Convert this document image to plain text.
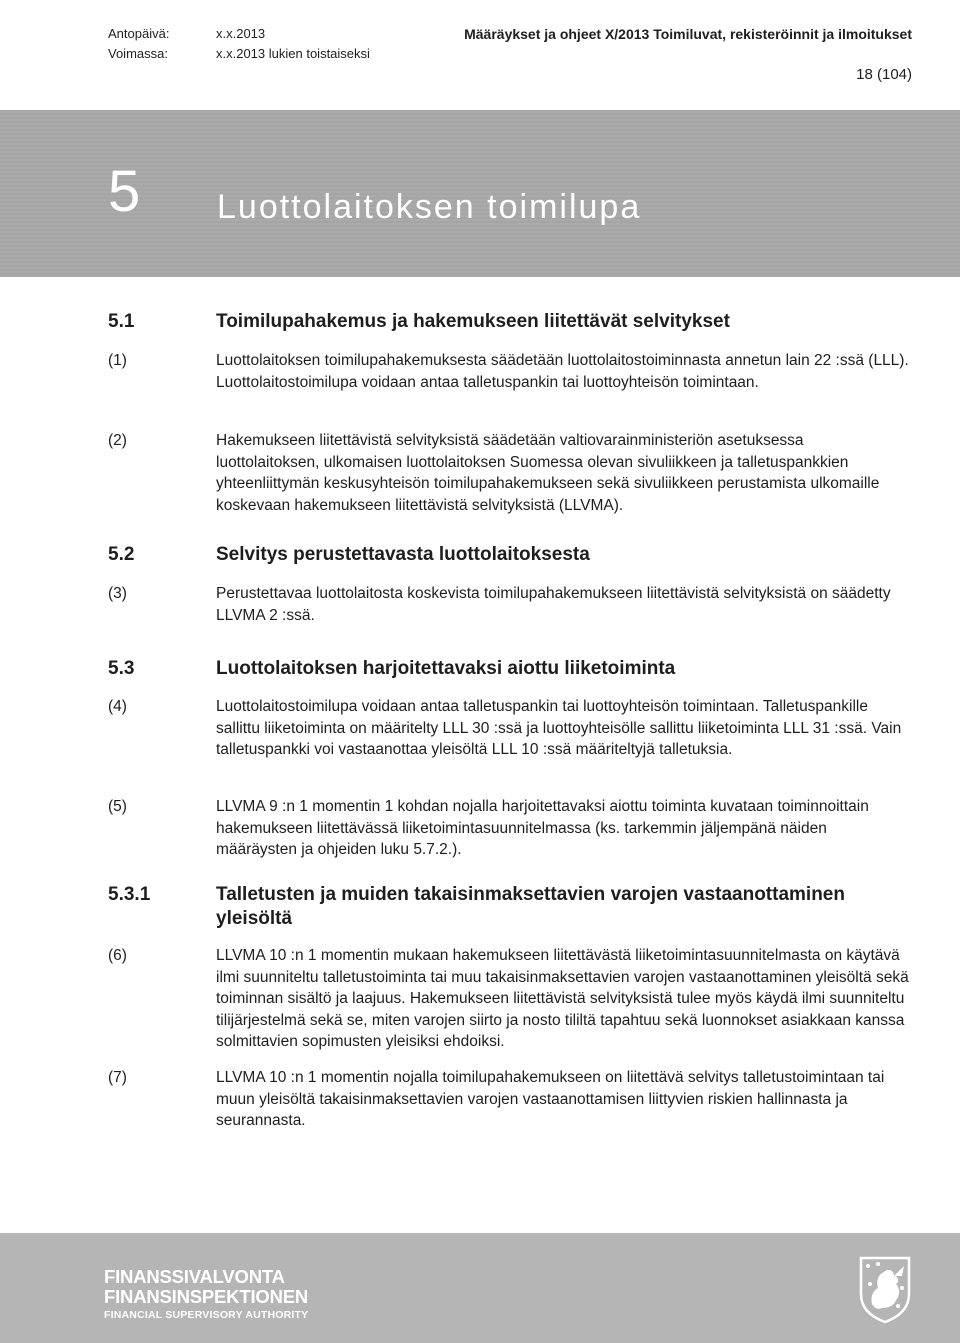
Antopäivä:	x.x.2013
Voimassa:	x.x.2013 lukien toistaiseksi
Määräykset ja ohjeet X/2013 Toimiluvat, rekisteröinnit ja ilmoitukset
18 (104)
5 Luottolaitoksen toimilupa
5.1	Toimilupahakemus ja hakemukseen liitettävät selvitykset
(1)	Luottolaitoksen toimilupahakemuksesta säädetään luottolaitostoiminnasta annetun lain 22 :ssä (LLL). Luottolaitostoimilupa voidaan antaa talletuspankin tai luottoyhteisön toimintaan.
(2)	Hakemukseen liitettävistä selvityksistä säädetään valtiovarainministeriön asetuksessa luottolaitoksen, ulkomaisen luottolaitoksen Suomessa olevan sivuliikkeen ja talletuspankkien yhteenliittymän keskusyhteisön toimilupahakemukseen sekä sivuliikkeen perustamista ulkomaille koskevaan hakemukseen liitettävistä selvityksistä (LLVMA).
5.2	Selvitys perustettavasta luottolaitoksesta
(3)	Perustettavaa luottolaitosta koskevista toimilupahakemukseen liitettävistä selvityksistä on säädetty LLVMA 2 :ssä.
5.3	Luottolaitoksen harjoitettavaksi aiottu liiketoiminta
(4)	Luottolaitostoimilupa voidaan antaa talletuspankin tai luottoyhteisön toimintaan. Talletuspankille sallittu liiketoiminta on määritelty LLL 30 :ssä ja luottoyhteisölle sallittu liiketoiminta LLL 31 :ssä. Vain talletuspankki voi vastaanottaa yleisöltä LLL 10 :ssä määriteltyjä talletuksia.
(5)	LLVMA 9 :n 1 momentin 1 kohdan nojalla harjoitettavaksi aiottu toiminta kuvataan toiminnoittain hakemukseen liitettävässä liiketoimintasuunnitelmassa (ks. tarkemmin jäljempänä näiden määräysten ja ohjeiden luku 5.7.2.).
5.3.1	Talletusten ja muiden takaisinmaksettavien varojen vastaanottaminen yleisöltä
(6)	LLVMA 10 :n 1 momentin mukaan hakemukseen liitettävästä liiketoimintasuunnitelmasta on käytävä ilmi suunniteltu talletustoiminta tai muu takaisinmaksettavien varojen vastaanottaminen yleisöltä sekä toiminnan sisältö ja laajuus. Hakemukseen liitettävistä selvityksistä tulee myös käydä ilmi suunniteltu tilijärjestelmä sekä se, miten varojen siirto ja nosto tililtä tapahtuu sekä luonnokset asiakkaan kanssa solmittavien sopimusten yleisiksi ehdoiksi.
(7)	LLVMA 10 :n 1 momentin nojalla toimilupahakemukseen on liitettävä selvitys talletustoimintaan tai muun yleisöltä takaisinmaksettavien varojen vastaanottamisen liittyvien riskien hallinnasta ja seurannasta.
FINANSSIVALVONTA
FINANSINSPEKTIONEN
FINANCIAL SUPERVISORY AUTHORITY
